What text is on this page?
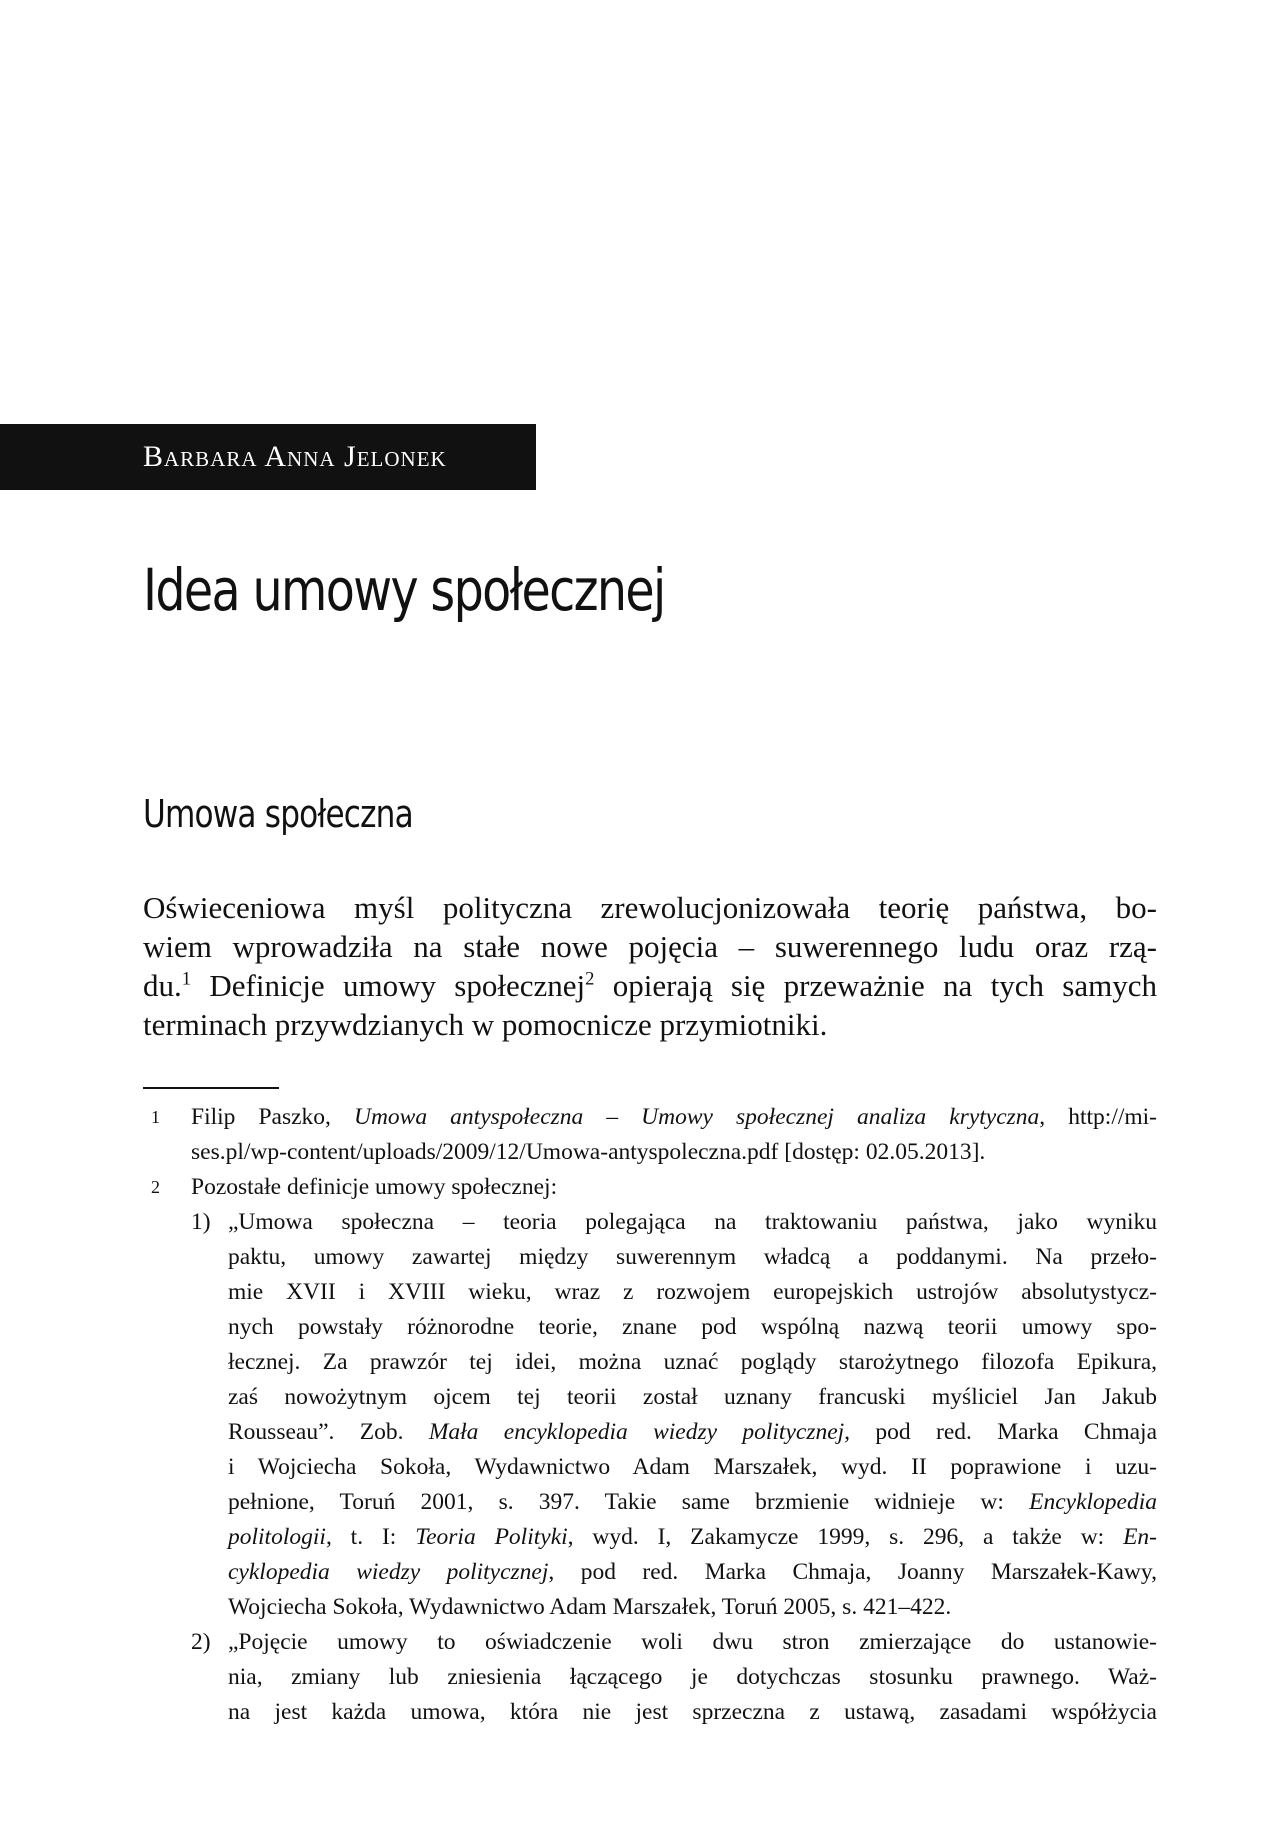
Barbara Anna Jelonek
Idea umowy społecznej
Umowa społeczna
Oświeceniowa myśl polityczna zrewolucjonizowała teorię państwa, bo-
wiem wprowadziła na stałe nowe pojęcia – suwerennego ludu oraz rzą-
du.$^1$ Definicje umowy społecznej$^2$ opierają się przeważnie na tych samych
terminach przywdzianych w pomocnicze przymiotniki.
1 Filip Paszko, Umowa antyspołeczna – Umowy społecznej analiza krytyczna, http://mi-
ses.pl/wp-content/uploads/2009/12/Umowa-antyspoleczna.pdf [dostęp: 02.05.2013].
2 Pozostałe definicje umowy społecznej:
1) „Umowa społeczna – teoria polegająca na traktowaniu państwa, jako wyniku
paktu, umowy zawartej między suwerennym władcą a poddanymi. Na przeło-
mie XVII i XVIII wieku, wraz z rozwojem europejskich ustrojów absolutystycz-
nych powstały różnorodne teorie, znane pod wspólną nazwą teorii umowy spo-
łecznej. Za prawzór tej idei, można uznać poglądy starożytnego filozofa Epikura,
zaś nowożytnym ojcem tej teorii został uznany francuski myśliciel Jan Jakub
Rousseau”. Zob. Mała encyklopedia wiedzy politycznej, pod red. Marka Chmaja
i Wojciecha Sokoła, Wydawnictwo Adam Marszałek, wyd. II poprawione i uzu-
pełnione, Toruń 2001, s. 397. Takie same brzmienie widnieje w: Encyklopedia
politologii, t. I: Teoria Polityki, wyd. I, Zakamycze 1999, s. 296, a także w: En-
cyklopedia wiedzy politycznej, pod red. Marka Chmaja, Joanny Marszałek-Kawy,
Wojciecha Sokoła, Wydawnictwo Adam Marszałek, Toruń 2005, s. 421–422.
2) „Pojęcie umowy to oświadczenie woli dwu stron zmierzające do ustanowie-
nia, zmiany lub zniesienia łączącego je dotychczas stosunku prawnego. Waż-
na jest każda umowa, która nie jest sprzeczna z ustawą, zasadami współżycia
